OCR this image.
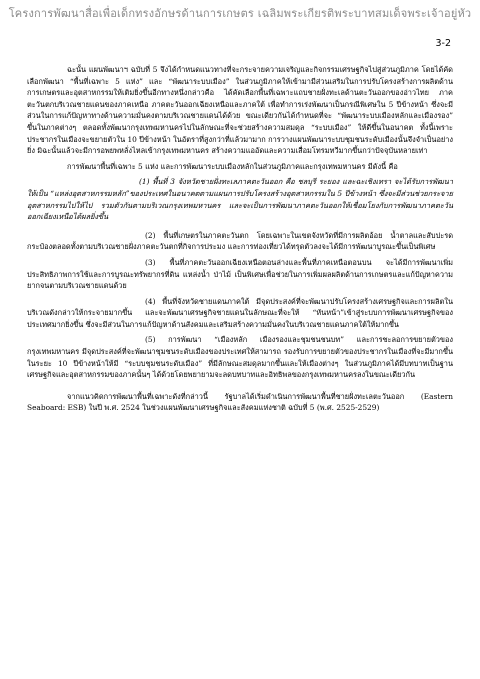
โครงการพัฒนาสื่อเพื่อเด็กทรงอักษรด้านการเกษตร เฉลิมพระเกียรติพระบาทสมเด็จพระเจ้าอยู่หัว
3-2

ฉะนั้น แผนพัฒนาฯ ฉบับที่ 5 จึงได้กำหนดแนวทางที่จะกระจายความเจริญและกิจกรรมเศรษฐกิจไปสู่ส่วนภูมิภาค โดยได้คัดเลือกพัฒนา “พื้นที่เฉพาะ 5 แห่ง” และ “พัฒนาระบบเมือง” ในส่วนภูมิภาคให้เข้ามามีส่วนเสริมในการปรับโครงสร้างการผลิตด้านการเกษตรและอุตสาหกรรมให้เติมยิ่งขึ้นอีกทางหนึ่งกล่าวคือ ได้คัดเลือกพื้นที่เฉพาะแถบชายฝั่งทะเลด้านตะวันออกของอ่าวไทย ภาคตะวันตกบริเวณชายแดนของภาคเหนือ ภาคตะวันออกเฉียงเหนือและภาคใต้ เพื่อทำการเร่งพัฒนาเป็นกรณีพิเศษใน 5 ปีข้างหน้า ซึ่งจะมีส่วนในการแก้ปัญหาทางด้านความมั่นคงตามบริเวณชายแดนได้ด้วย ขณะเดียวกันได้กำหนดที่จะ “พัฒนาระบบเมืองหลักและเมืองรอง” ขึ้นในภาคต่างๆ ตลอดทั้งพัฒนากรุงเทพมหานครไปในลักษณะที่จะช่วยสร้างความสมดุล “ระบบเมือง” ให้ดีขึ้นในอนาคต ทั้งนี้เพราะประชากรในเมืองจะขยายตัวใน 10 ปีข้างหน้า ในอัตราที่สูงกว่าที่แล้วมามาก การวางแผนพัฒนาระบบชุมชนระดับเมืองนั้นจึงจำเป็นอย่างยิ่ง มิฉะนั้นแล้วจะมีการอพยพหลั่งไหลเข้ากรุงเทพมหานคร สร้างความแออัดและความเสื่อมโทรมทวีมากขึ้นกว่าปัจจุบันหลายเท่า

การพัฒนาพื้นที่เฉพาะ 5 แห่ง และการพัฒนาระบบเมืองหลักในส่วนภูมิภาคและกรุงเทพมหานคร มีดังนี้ คือ

(1) พื้นที่ 3 จังหวัดชายฝั่งทะเลภาคตะวันออก คือ ชลบุรี ระยอง และฉะเชิงเทรา จะได้รับการพัฒนาให้เป็น “แหล่งอุตสาหกรรมหลัก”ของประเทศในอนาคตตามแผนการปรับโครงสร้างอุตสาหกรรมใน 5 ปีข้างหน้า ซึ่งจะมีส่วนช่วยกระจายอุตสาหกรรมไปให้ไป รวมตัวกันตามบริเวณกรุงเทพมหานคร และจะเป็นการพัฒนาภาคตะวันออกให้เชื่อมโยงกับการพัฒนาภาคตะวันออกเฉียงเหนือได้ผลยิ่งขึ้น

(2) พื้นที่เกษตรในภาคตะวันตก โดยเฉพาะในเขตจังหวัดที่มีการผลิตอ้อย น้ำตาลและสับปะรดกระป๋องตลอดทั้งตามบริเวณชายฝั่งภาคตะวันตกที่กิจการประมง และการท่องเที่ยวได้ทรุดตัวลงจะได้มีการพัฒนาบูรณะขึ้นเป็นพิเศษ

(3) พื้นที่ภาคตะวันออกเฉียงเหนือตอนล่างและพื้นที่ภาคเหนือตอนบน จะได้มีการพัฒนาเพิ่มประสิทธิภาพการใช้และการบูรณะทรัพยากรที่ดิน แหล่งน้ำ ป่าไม้ เป็นพิเศษเพื่อช่วยในการเพิ่มผลผลิตด้านการเกษตรและแก้ปัญหาความยากจนตามบริเวณชายแดนด้วย

(4) พื้นที่จังหวัดชายแดนภาคใต้ มีจุดประสงค์ที่จะพัฒนาปรับโครงสร้างเศรษฐกิจและการผลิตในบริเวณดังกล่าวให้กระจายมากขึ้น และจะพัฒนาเศรษฐกิจชายแดนในลักษณะที่จะให้ “หันหน้า”เข้าสู่ระบบการพัฒนาเศรษฐกิจของประเทศมากยิ่งขึ้น ซึ่งจะมีส่วนในการแก้ปัญหาด้านสังคมและเสริมสร้างความมั่นคงในบริเวณชายแดนภาคใต้ให้มากขึ้น

(5) การพัฒนา “เมืองหลัก เมืองรองและชุมชนชนบท” และการชะลอการขยายตัวของกรุงเทพมหานคร มีจุดประสงค์ที่จะพัฒนาชุมชนระดับเมืองของประเทศให้สามารถ รองรับการขยายตัวของประชากรในเมืองที่จะมีมากขึ้นในระยะ 10 ปีข้างหน้าให้มี “ระบบชุมชนระดับเมือง” ที่มีลักษณะสมดุลมากขึ้นและให้เมืองต่างๆ ในส่วนภูมิภาคได้มีบทบาทเป็นฐานเศรษฐกิจและอุตสาหกรรมของภาคนั้นๆ ได้ด้วยโดยพยายามจะลดบทบาทและอิทธิพลของกรุงเทพมหานครลงในขณะเดียวกัน

จากแนวคิดการพัฒนาพื้นที่เฉพาะดังที่กล่าวนี้ รัฐบาลได้เริ่มดำเนินการพัฒนาพื้นที่ชายฝั่งทะเลตะวันออก (Eastern Seaboard: ESB) ในปี พ.ศ. 2524 ในช่วงแผนพัฒนาเศรษฐกิจและสังคมแห่งชาติ ฉบับที่ 5 (พ.ศ. 2525-2529)
